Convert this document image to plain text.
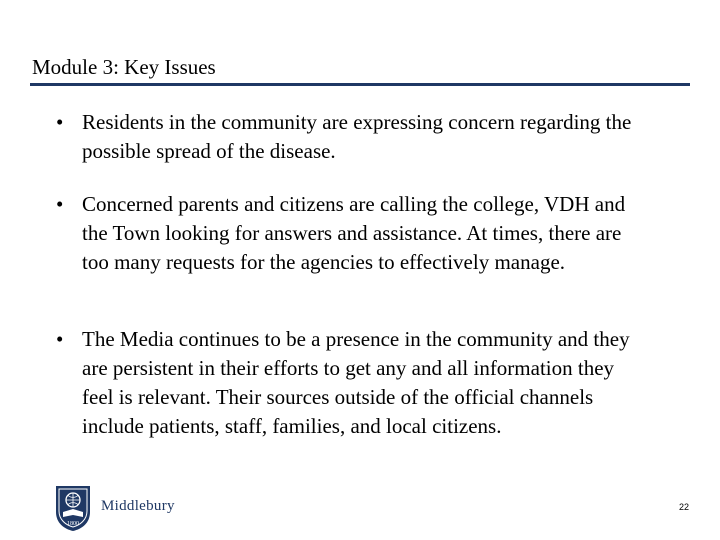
Module 3: Key Issues
• Residents in the community are expressing concern regarding the possible spread of the disease.
• Concerned parents and citizens are calling the college, VDH and the Town looking for answers and assistance. At times, there are too many requests for the agencies to effectively manage.
• The Media continues to be a presence in the community and they are persistent in their efforts to get any and all information they feel is relevant. Their sources outside of the official channels include patients, staff, families, and local citizens.
1800
Middlebury	22
